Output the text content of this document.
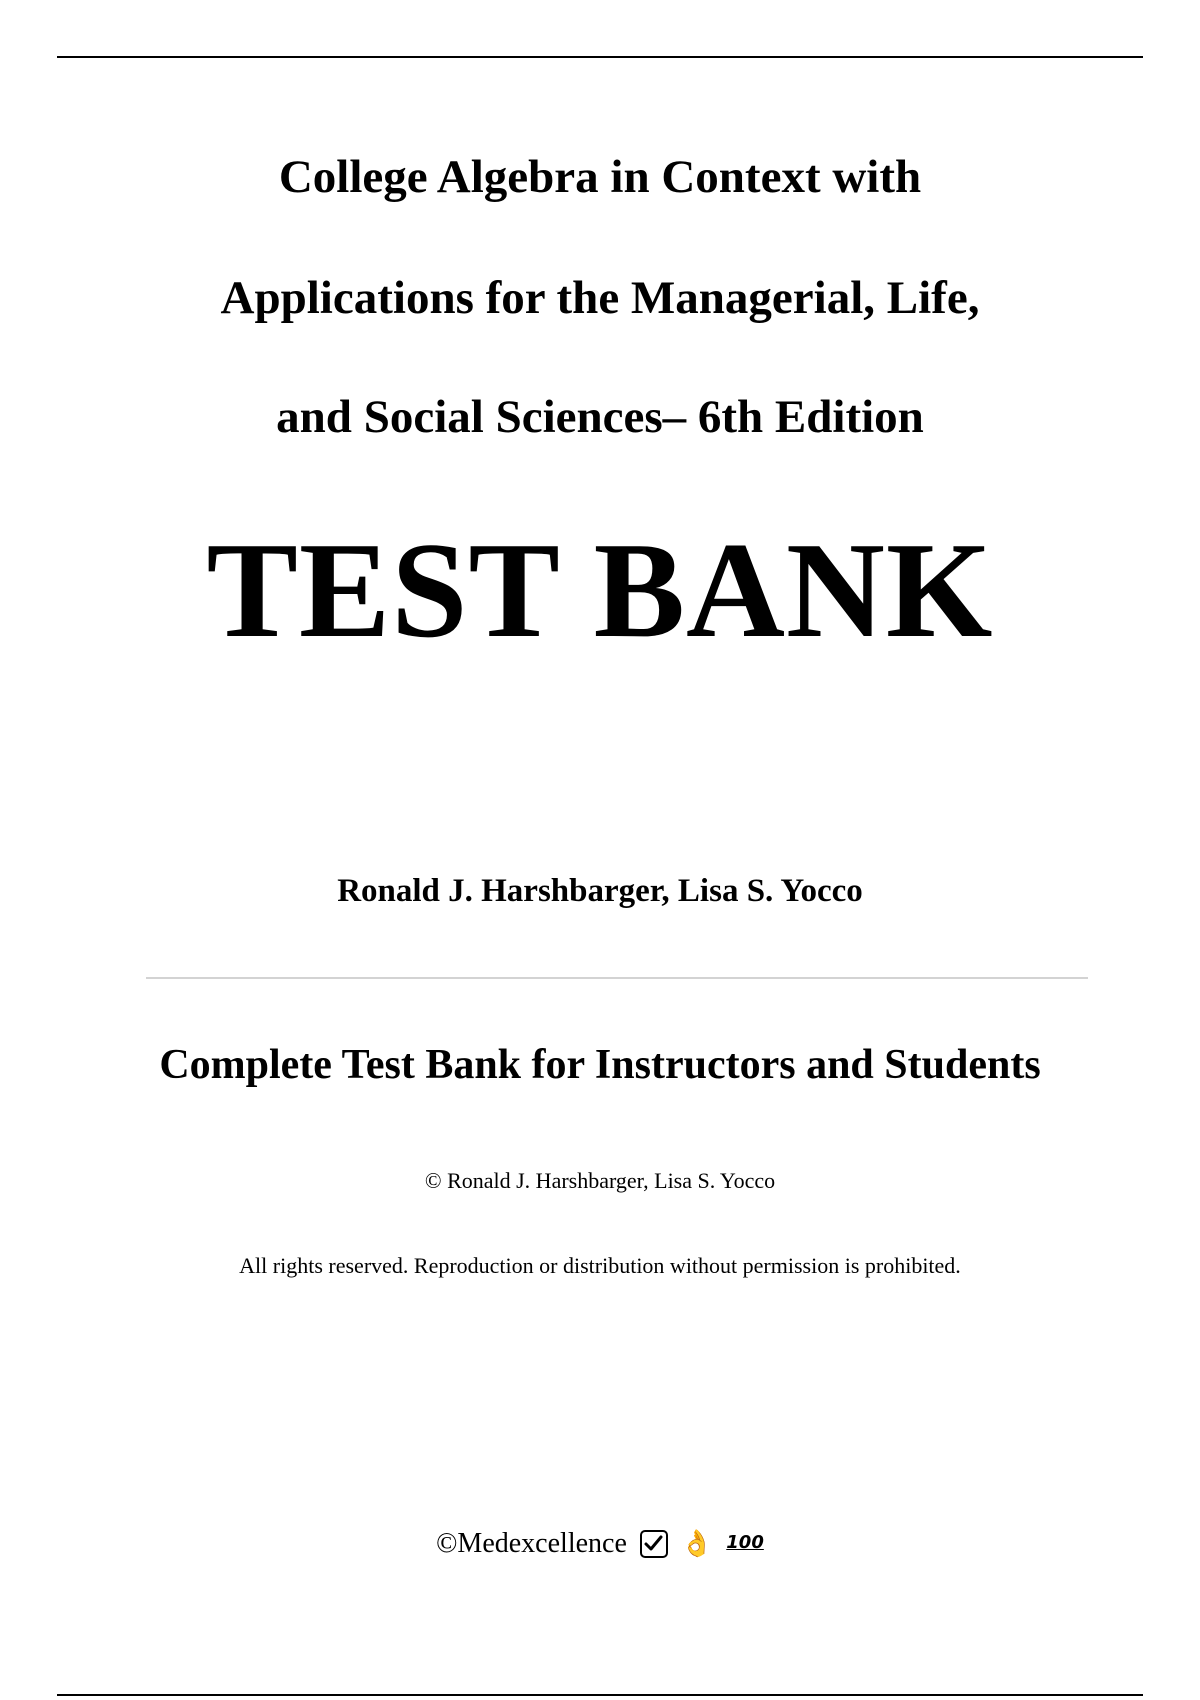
College Algebra in Context with
Applications for the Managerial, Life,
and Social Sciences– 6th Edition
TEST BANK
Ronald J. Harshbarger, Lisa S. Yocco
Complete Test Bank for Instructors and Students
© Ronald J. Harshbarger, Lisa S. Yocco
All rights reserved. Reproduction or distribution without permission is prohibited.
©Medexcellence 👌 100
